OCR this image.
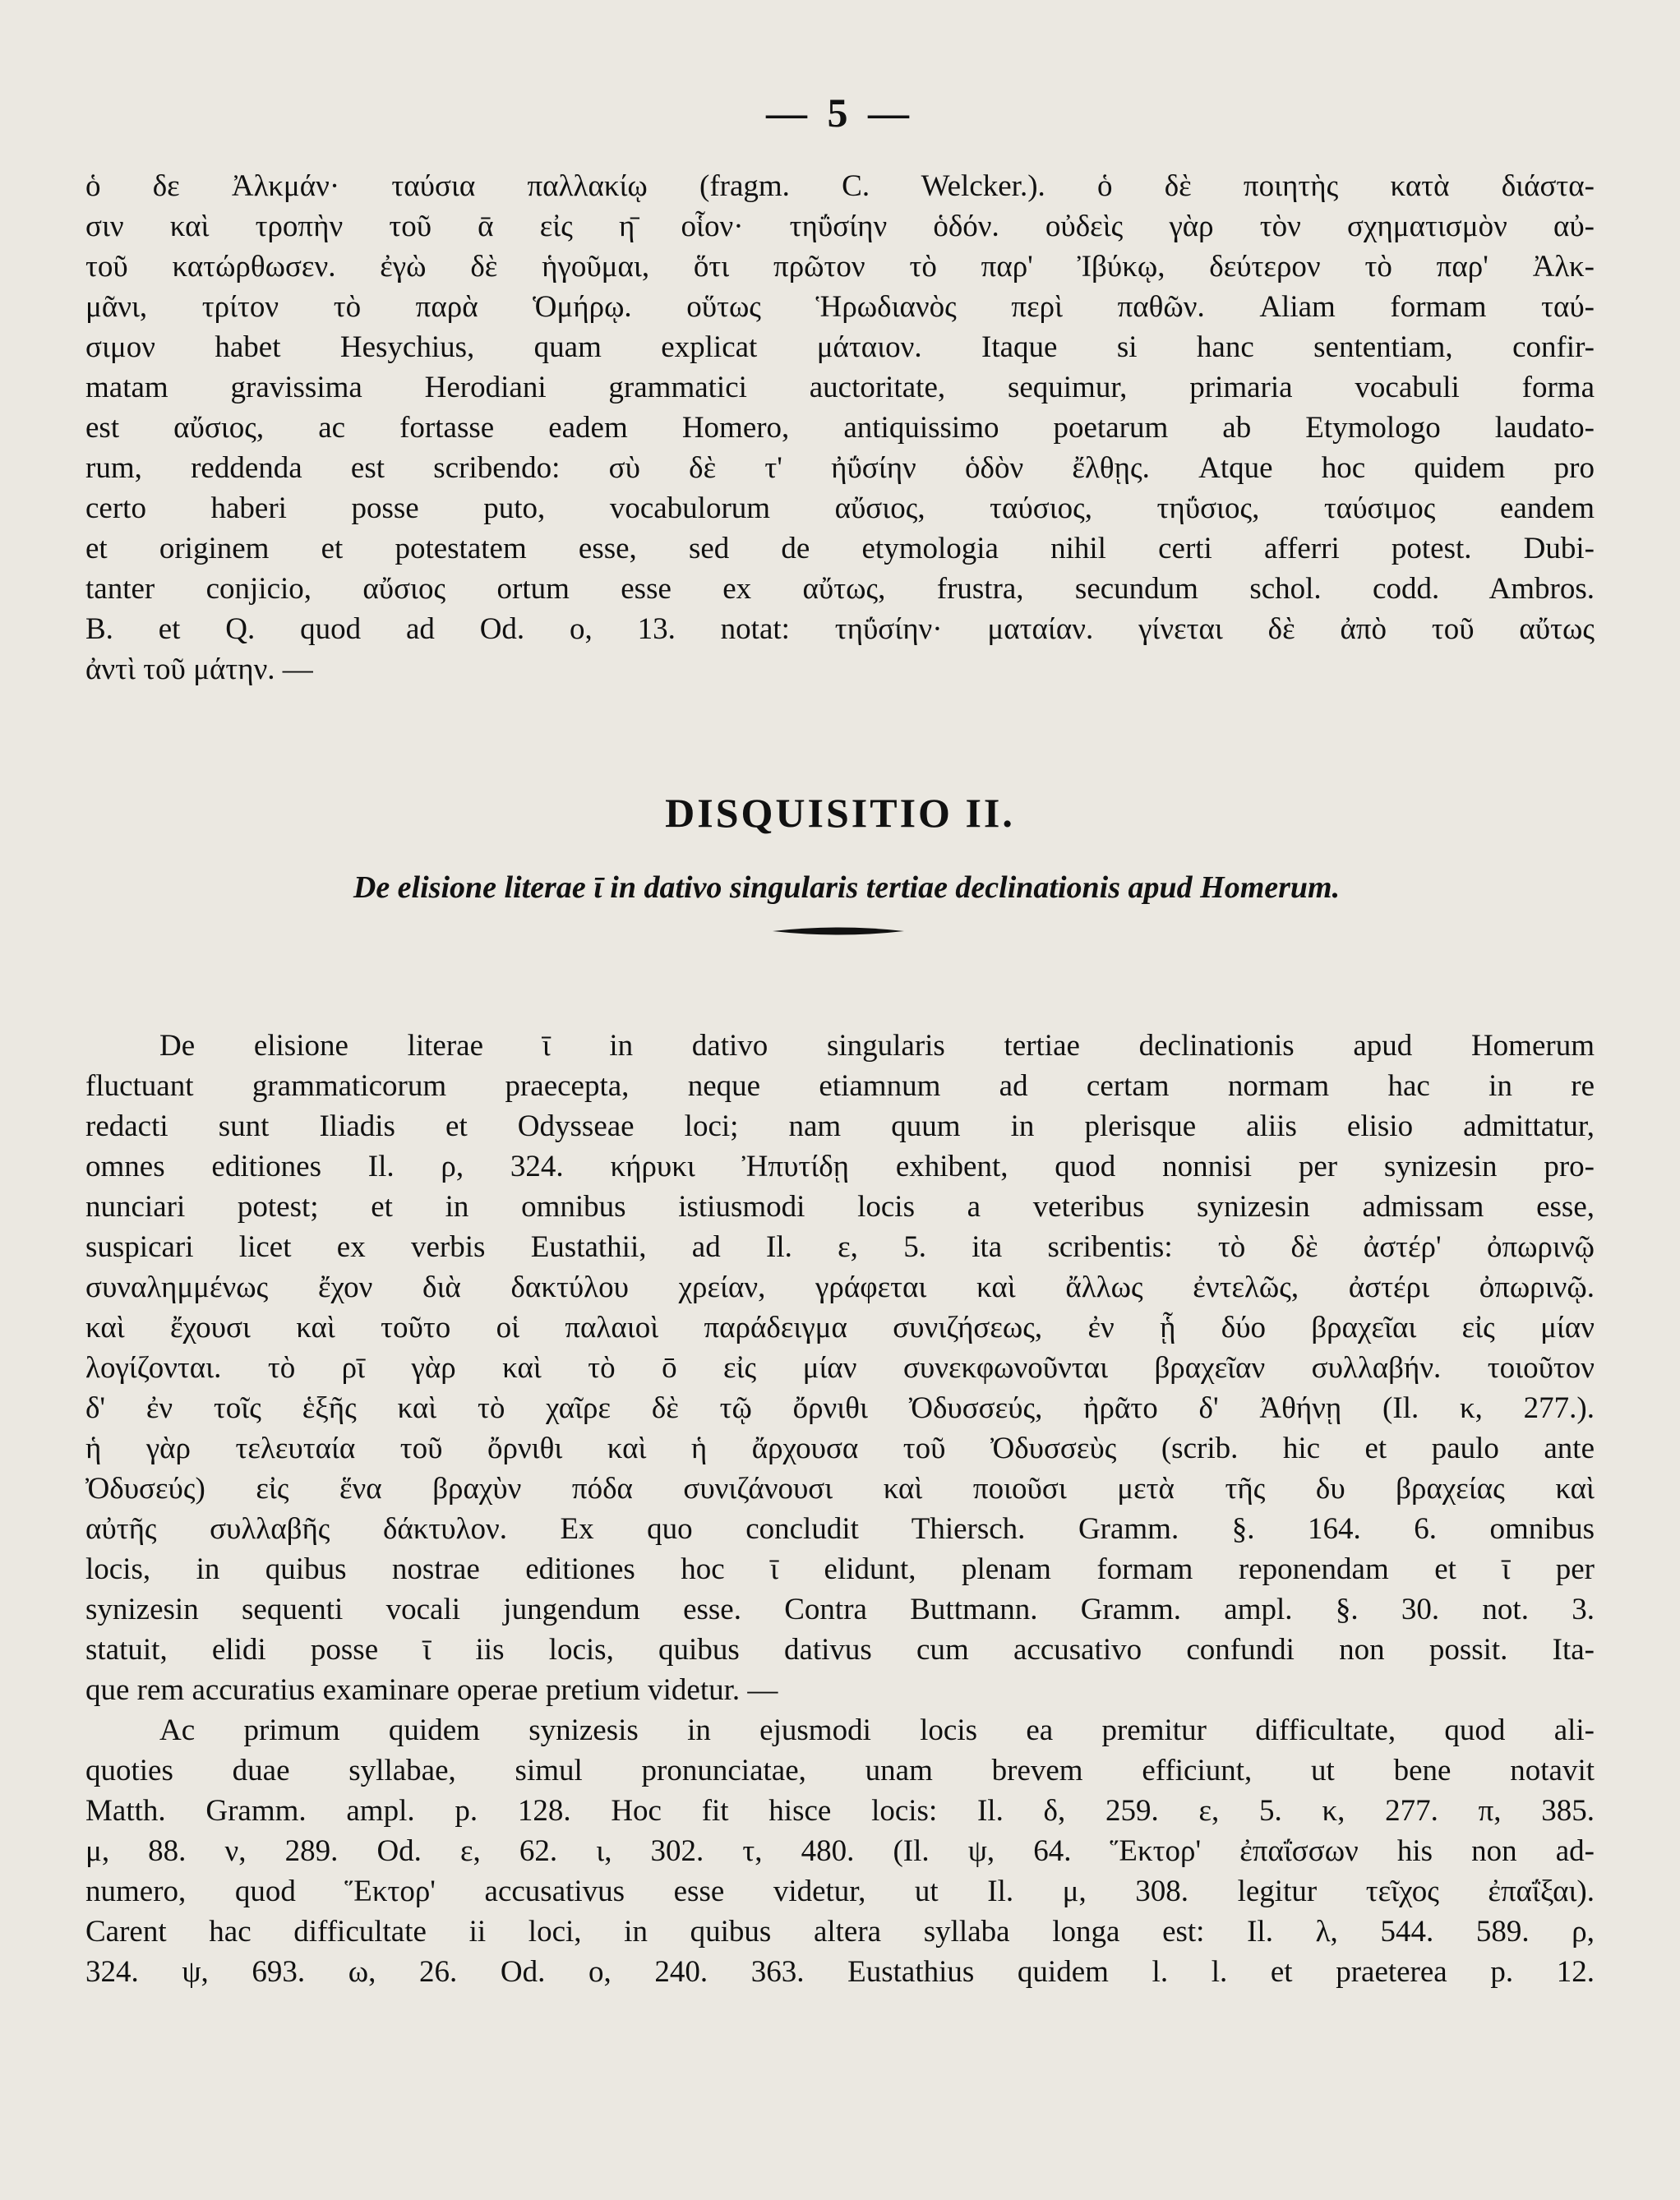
— 5 —
ὁ δε Ἀλκμάν· ταύσια παλλακίῳ (fragm. C. Welcker.). ὁ δὲ ποιητὴς κατὰ διάστα-
σιν καὶ τροπὴν τοῦ ᾱ εἰς η̄ οἷον· τηΰσίην ὁδόν. οὐδεὶς γὰρ τὸν σχηματισμὸν αὐ-
τοῦ κατώρθωσεν. ἐγὼ δὲ ἡγοῦμαι, ὅτι πρῶτον τὸ παρ' Ἰβύκῳ, δεύτερον τὸ παρ' Ἀλκ-
μᾶνι, τρίτον τὸ παρὰ Ὁμήρῳ. οὕτως Ἡρωδιανὸς περὶ παθῶν. Aliam formam ταύ-
σιμον habet Hesychius, quam explicat μάταιον. Itaque si hanc sententiam, confir-
matam gravissima Herodiani grammatici auctoritate, sequimur, primaria vocabuli forma
est αὔσιος, ac fortasse eadem Homero, antiquissimo poetarum ab Etymologo laudato-
rum, reddenda est scribendo: σὺ δὲ τ' ἠΰσίην ὁδὸν ἔλθῃς. Atque hoc quidem pro
certo haberi posse puto, vocabulorum αὔσιος, ταύσιος, τηΰσιος, ταύσιμος eandem
et originem et potestatem esse, sed de etymologia nihil certi afferri potest. Dubi-
tanter conjicio, αὔσιος ortum esse ex αὔτως, frustra, secundum schol. codd. Ambros.
B. et Q. quod ad Od. ο, 13. notat: τηΰσίην· ματαίαν. γίνεται δὲ ἀπὸ τοῦ αὔτως
ἀντὶ τοῦ μάτην. —
DISQUISITIO II.
De elisione literae ῑ in dativo singularis tertiae declinationis apud Homerum.
De elisione literae ῑ in dativo singularis tertiae declinationis apud Homerum
fluctuant grammaticorum praecepta, neque etiamnum ad certam normam hac in re
redacti sunt Iliadis et Odysseae loci; nam quum in plerisque aliis elisio admittatur,
omnes editiones Il. ρ, 324. κήρυκι Ἠπυτίδῃ exhibent, quod nonnisi per synizesin pro-
nunciari potest; et in omnibus istiusmodi locis a veteribus synizesin admissam esse,
suspicari licet ex verbis Eustathii, ad Il. ε, 5. ita scribentis: τὸ δὲ ἀστέρ' ὀπωρινῷ
συναλημμένως ἔχον διὰ δακτύλου χρείαν, γράφεται καὶ ἄλλως ἐντελῶς, ἀστέρι ὀπωρινῷ.
καὶ ἔχουσι καὶ τοῦτο οἱ παλαιοὶ παράδειγμα συνιζήσεως, ἐν ᾗ δύο βραχεῖαι εἰς μίαν
λογίζονται. τὸ ρῑ γὰρ καὶ τὸ ō εἰς μίαν συνεκφωνοῦνται βραχεῖαν συλλαβήν. τοιοῦτον
δ' ἐν τοῖς ἑξῆς καὶ τὸ χαῖρε δὲ τῷ ὄρνιθι Ὀδυσσεύς, ἠρᾶτο δ' Ἀθήνῃ (Il. κ, 277.).
ἡ γὰρ τελευταία τοῦ ὄρνιθι καὶ ἡ ἄρχουσα τοῦ Ὀδυσσεὺς (scrib. hic et paulo ante
Ὀδυσεύς) εἰς ἕνα βραχὺν πόδα συνιζάνουσι καὶ ποιοῦσι μετὰ τῆς δυ βραχείας καὶ
αὐτῆς συλλαβῆς δάκτυλον. Ex quo concludit Thiersch. Gramm. §. 164. 6. omnibus
locis, in quibus nostrae editiones hoc ῑ elidunt, plenam formam reponendam et ῑ per
synizesin sequenti vocali jungendum esse. Contra Buttmann. Gramm. ampl. §. 30. not. 3.
statuit, elidi posse ῑ iis locis, quibus dativus cum accusativo confundi non possit. Ita-
que rem accuratius examinare operae pretium videtur. —
Ac primum quidem synizesis in ejusmodi locis ea premitur difficultate, quod ali-
quoties duae syllabae, simul pronunciatae, unam brevem efficiunt, ut bene notavit
Matth. Gramm. ampl. p. 128. Hoc fit hisce locis: Il. δ, 259. ε, 5. κ, 277. π, 385.
μ, 88. ν, 289. Od. ε, 62. ι, 302. τ, 480. (Il. ψ, 64. Ἕκτορ' ἐπαΐσσων his non ad-
numero, quod Ἕκτορ' accusativus esse videtur, ut Il. μ, 308. legitur τεῖχος ἐπαΐξαι).
Carent hac difficultate ii loci, in quibus altera syllaba longa est: Il. λ, 544. 589. ρ,
324. ψ, 693. ω, 26. Od. ο, 240. 363. Eustathius quidem l. l. et praeterea p. 12.
